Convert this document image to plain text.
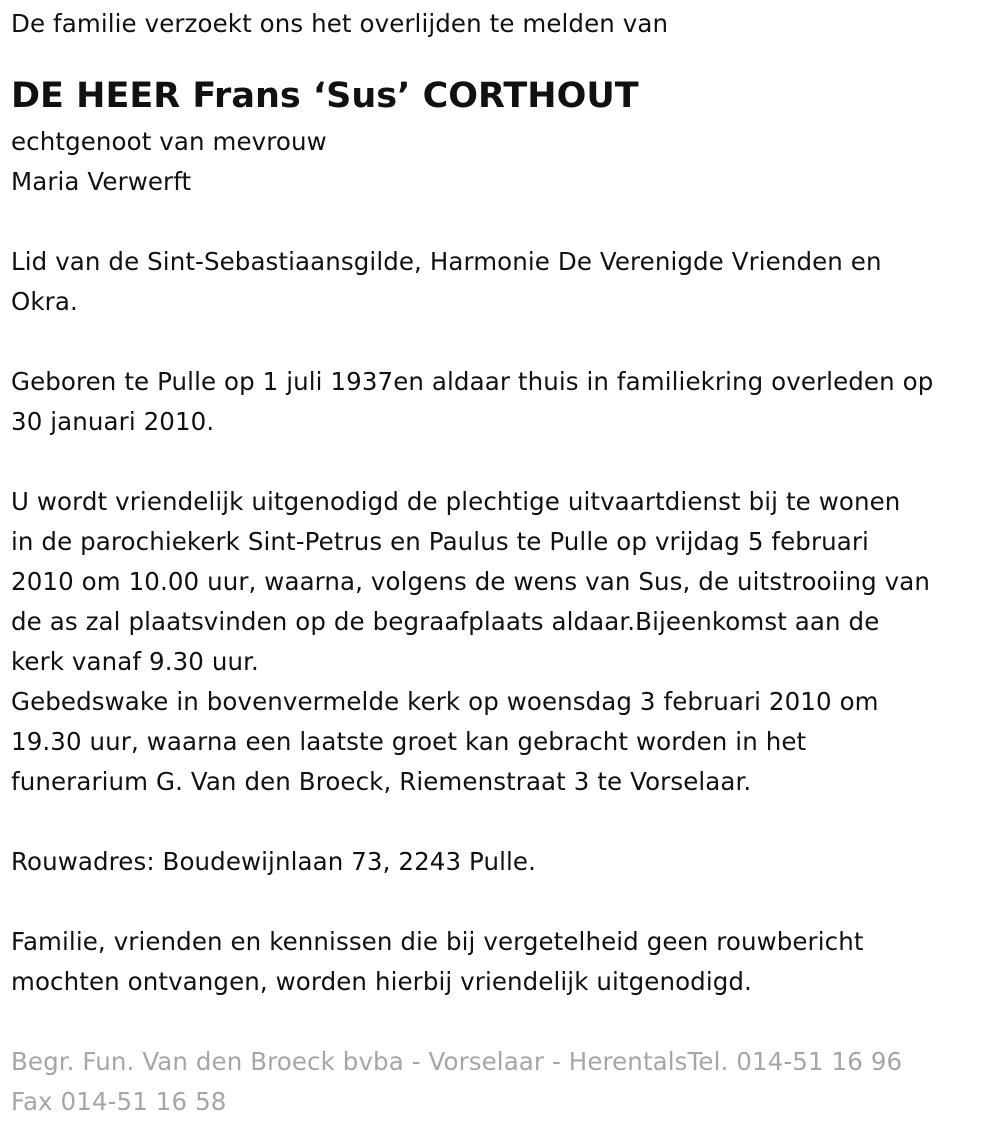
De familie verzoekt ons het overlijden te melden van
DE HEER Frans ‘Sus’ CORTHOUT
echtgenoot van mevrouw
Maria Verwerft
Lid van de Sint-Sebastiaansgilde, Harmonie De Verenigde Vrienden en
Okra.
Geboren te Pulle op 1 juli 1937en aldaar thuis in familiekring overleden op
30 januari 2010.
U wordt vriendelijk uitgenodigd de plechtige uitvaartdienst bij te wonen
in de parochiekerk Sint-Petrus en Paulus te Pulle op vrijdag 5 februari
2010 om 10.00 uur, waarna, volgens de wens van Sus, de uitstrooiing van
de as zal plaatsvinden op de begraafplaats aldaar.Bijeenkomst aan de
kerk vanaf 9.30 uur.
Gebedswake in bovenvermelde kerk op woensdag 3 februari 2010 om
19.30 uur, waarna een laatste groet kan gebracht worden in het
funerarium G. Van den Broeck, Riemenstraat 3 te Vorselaar.
Rouwadres: Boudewijnlaan 73, 2243 Pulle.
Familie, vrienden en kennissen die bij vergetelheid geen rouwbericht
mochten ontvangen, worden hierbij vriendelijk uitgenodigd.
Begr. Fun. Van den Broeck bvba - Vorselaar - HerentalsTel. 014-51 16 96
Fax 014-51 16 58
